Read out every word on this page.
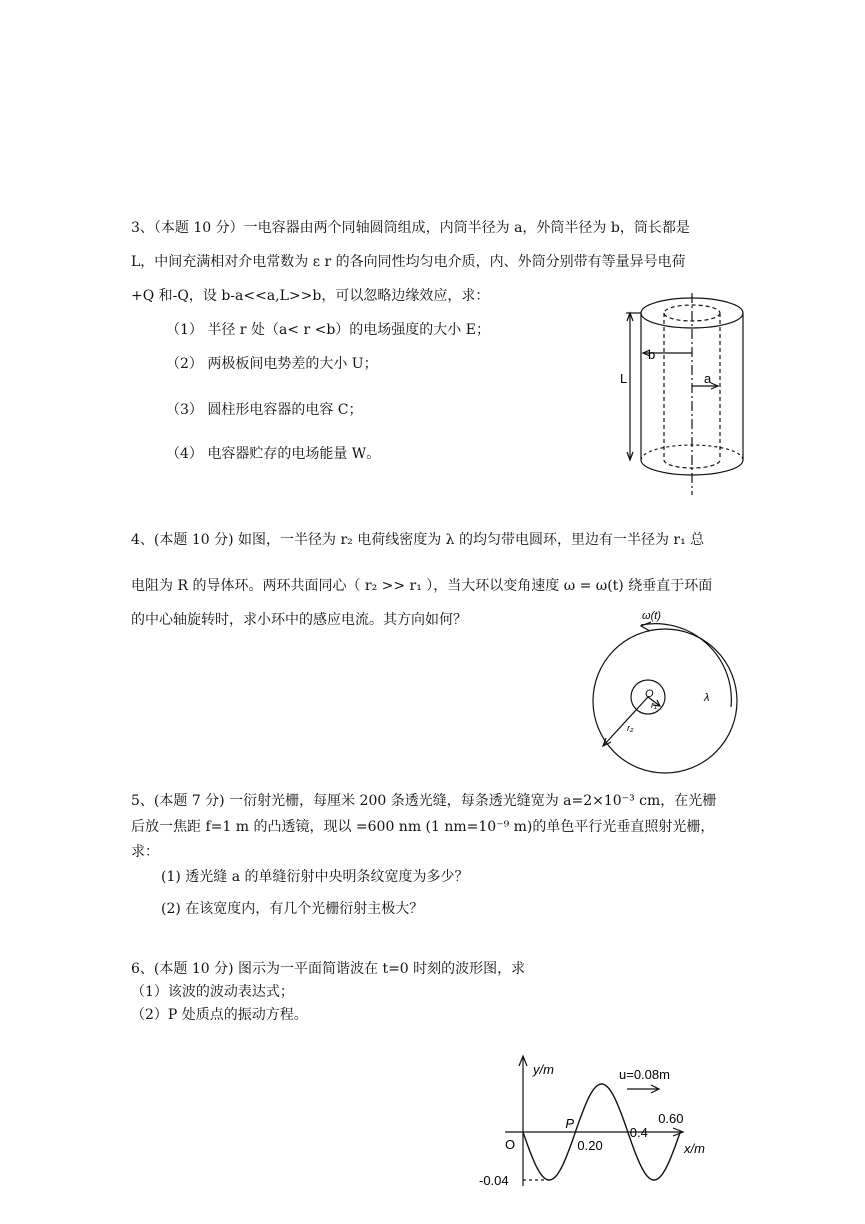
3、（本题 10 分）一电容器由两个同轴圆筒组成，内筒半径为 a，外筒半径为 b，筒长都是
L，中间充满相对介电常数为 ε r 的各向同性均匀电介质，内、外筒分别带有等量异号电荷
+Q 和-Q，设 b-a<<a,L>>b，可以忽略边缘效应，求：
（1） 半径 r 处（a< r <b）的电场强度的大小 E；
（2） 两极板间电势差的大小 U；
（3） 圆柱形电容器的电容 C；
（4） 电容器贮存的电场能量 W。
L
b
a
4、(本题 10 分) 如图，一半径为 r₂ 电荷线密度为 λ 的均匀带电圆环，里边有一半径为 r₁ 总
电阻为 R 的导体环。两环共面同心（ r₂ >> r₁ ），当大环以变角速度 ω = ω(t) 绕垂直于环面
的中心轴旋转时，求小环中的感应电流。其方向如何？	ω(t)
λ
O
r₁
r₂
5、(本题 7 分) 一衍射光栅，每厘米 200 条透光缝，每条透光缝宽为 a=2×10⁻³ cm，在光栅
后放一焦距 f=1 m 的凸透镜，现以 =600 nm (1 nm=10⁻⁹ m)的单色平行光垂直照射光栅，
求：
(1) 透光缝 a 的单缝衍射中央明条纹宽度为多少？
(2) 在该宽度内，有几个光栅衍射主极大？
6、(本题 10 分) 图示为一平面简谐波在 t=0 时刻的波形图，求
（1）该波的波动表达式；
（2）P 处质点的振动方程。
y/m
x/m
O	0.20
0.4
0.60
-0.04
P
u=0.08m
